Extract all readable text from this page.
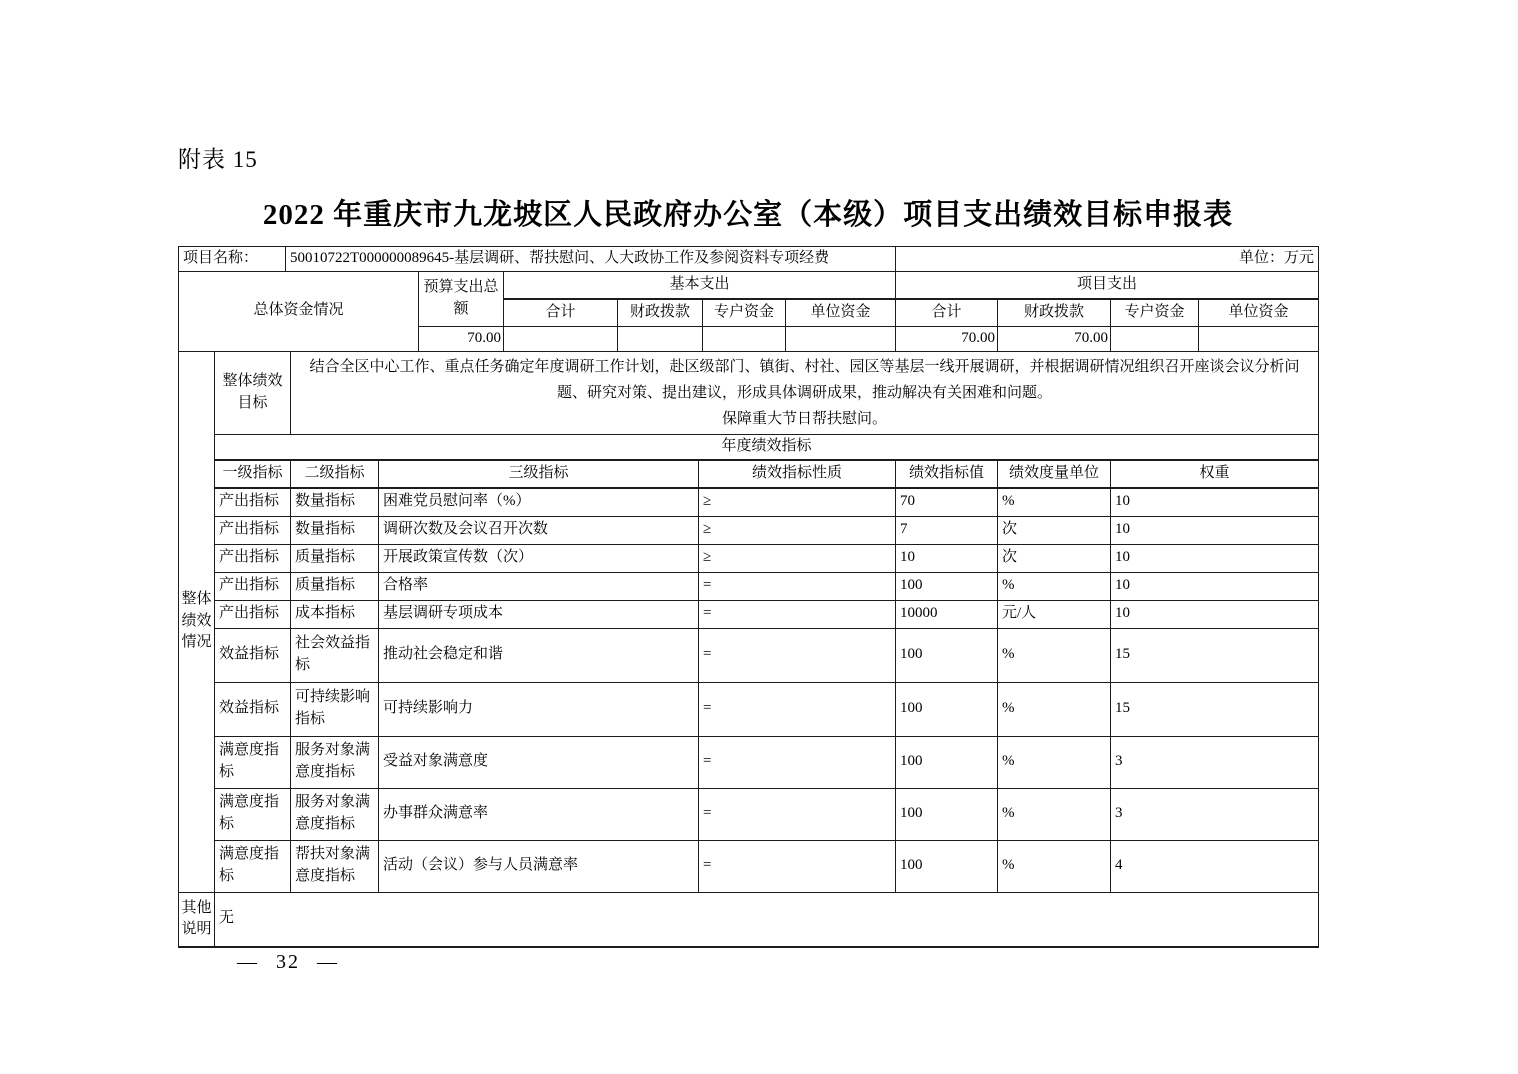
附表 15
2022 年重庆市九龙坡区人民政府办公室（本级）项目支出绩效目标申报表
项目名称：	50010722T000000089645-基层调研、帮扶慰问、人大政协工作及参阅资料专项经费	单位：万元
总体资金情况	预算支出总额	基本支出				项目支出			
		合计	财政拨款	专户资金	单位资金	合计	财政拨款	专户资金	单位资金
	70.00					70.00	70.00		
整体绩效情况	整体绩效目标	结合全区中心工作、重点任务确定年度调研工作计划，赴区级部门、镇街、村社、园区等基层一线开展调研，并根据调研情况组织召开座谈会议分析问题、研究对策、提出建议，形成具体调研成果，推动解决有关困难和问题。
保障重大节日帮扶慰问。					

	年度绩效指标						
	一级指标	二级指标	三级指标	绩效指标性质	绩效指标值	绩效度量单位	权重
	产出指标	数量指标	困难党员慰问率（%）	≥	70	%	10
	产出指标	数量指标	调研次数及会议召开次数	≥	7	次	10
	产出指标	质量指标	开展政策宣传数（次）	≥	10	次	10
	产出指标	质量指标	合格率	=	100	%	10
	产出指标	成本指标	基层调研专项成本	=	10000	元/人	10
	效益指标	社会效益指标	推动社会稳定和谐	=	100	%	15
	效益指标	可持续影响指标	可持续影响力	=	100	%	15
	满意度指标	服务对象满意度指标	受益对象满意度	=	100	%	3
	满意度指标	服务对象满意度指标	办事群众满意率	=	100	%	3
	满意度指标	帮扶对象满意度指标	活动（会议）参与人员满意率	=	100	%	4
其他说明	无						
— 32 —
